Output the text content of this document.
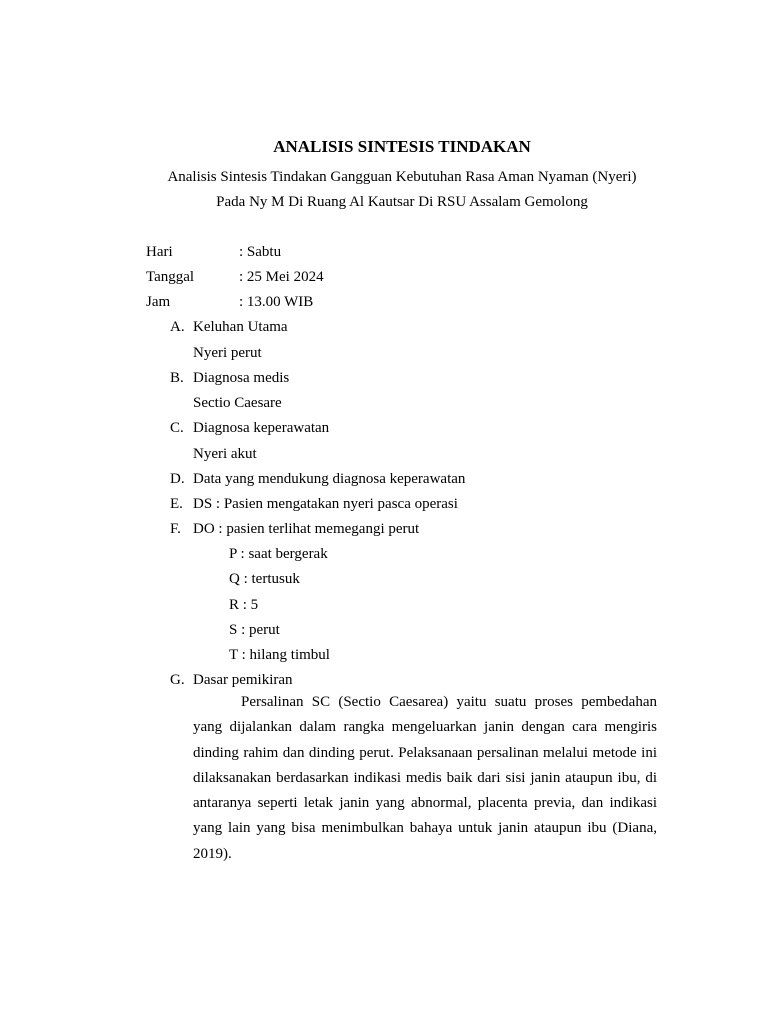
ANALISIS SINTESIS TINDAKAN
Analisis Sintesis Tindakan Gangguan Kebutuhan Rasa Aman Nyaman (Nyeri)
Pada Ny M Di Ruang Al Kautsar Di RSU Assalam Gemolong
Hari	: Sabtu
Tanggal	: 25 Mei 2024
Jam	: 13.00 WIB
A. Keluhan Utama
Nyeri perut
B. Diagnosa medis
Sectio Caesare
C. Diagnosa keperawatan
Nyeri akut
D. Data yang mendukung diagnosa keperawatan
E. DS : Pasien mengatakan nyeri pasca operasi
F. DO : pasien terlihat memegangi perut
P : saat bergerak
Q : tertusuk
R : 5
S : perut
T : hilang timbul
G. Dasar pemikiran
Persalinan SC (Sectio Caesarea) yaitu suatu proses pembedahan yang dijalankan dalam rangka mengeluarkan janin dengan cara mengiris dinding rahim dan dinding perut. Pelaksanaan persalinan melalui metode ini dilaksanakan berdasarkan indikasi medis baik dari sisi janin ataupun ibu, di antaranya seperti letak janin yang abnormal, placenta previa, dan indikasi yang lain yang bisa menimbulkan bahaya untuk janin ataupun ibu (Diana, 2019).
